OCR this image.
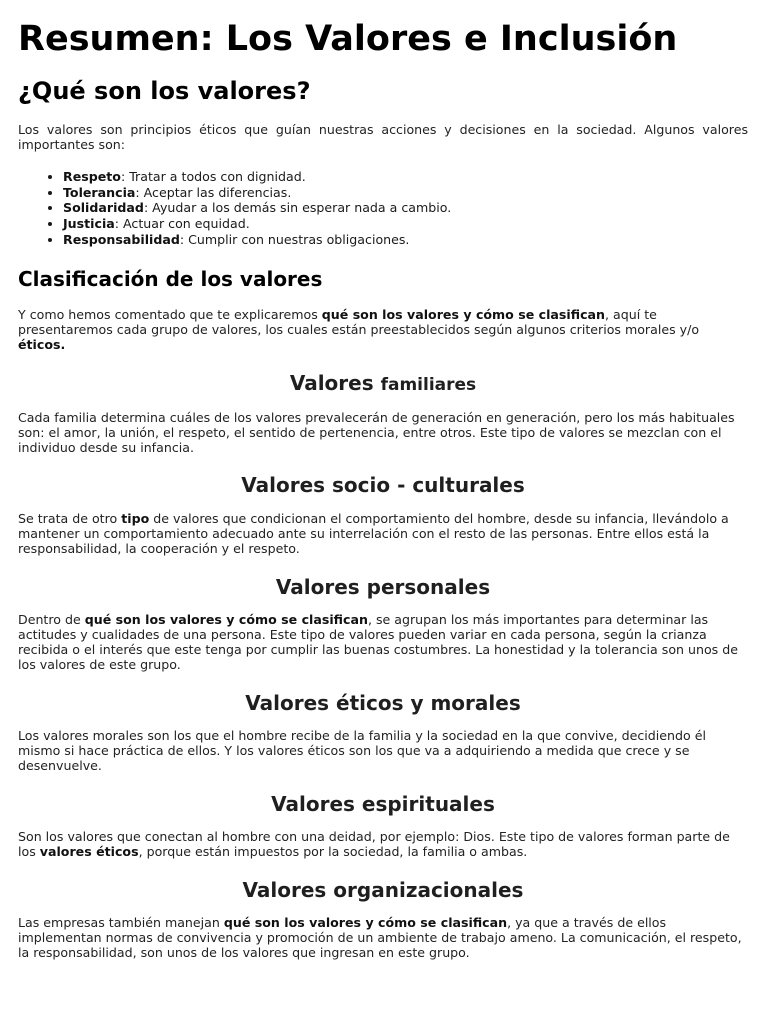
Resumen: Los Valores e Inclusión
¿Qué son los valores?

Los valores son principios éticos que guían nuestras acciones y decisiones en la sociedad. Algunos valores importantes son:

• Respeto: Tratar a todos con dignidad.
• Tolerancia: Aceptar las diferencias.
• Solidaridad: Ayudar a los demás sin esperar nada a cambio.
• Justicia: Actuar con equidad.
• Responsabilidad: Cumplir con nuestras obligaciones.
Clasificación de los valores

Y como hemos comentado que te explicaremos qué son los valores y cómo se clasifican, aquí te presentaremos cada grupo de valores, los cuales están preestablecidos según algunos criterios morales y/o éticos.

Valores familiares

Cada familia determina cuáles de los valores prevalecerán de generación en generación, pero los más habituales son: el amor, la unión, el respeto, el sentido de pertenencia, entre otros. Este tipo de valores se mezclan con el individuo desde su infancia.

Valores socio - culturales

Se trata de otro tipo de valores que condicionan el comportamiento del hombre, desde su infancia, llevándolo a mantener un comportamiento adecuado ante su interrelación con el resto de las personas. Entre ellos está la responsabilidad, la cooperación y el respeto.

Valores personales

Dentro de qué son los valores y cómo se clasifican, se agrupan los más importantes para determinar las actitudes y cualidades de una persona. Este tipo de valores pueden variar en cada persona, según la crianza recibida o el interés que este tenga por cumplir las buenas costumbres. La honestidad y la tolerancia son unos de los valores de este grupo.

Valores éticos y morales

Los valores morales son los que el hombre recibe de la familia y la sociedad en la que convive, decidiendo él mismo si hace práctica de ellos. Y los valores éticos son los que va a adquiriendo a medida que crece y se desenvuelve.

Valores espirituales

Son los valores que conectan al hombre con una deidad, por ejemplo: Dios. Este tipo de valores forman parte de los valores éticos, porque están impuestos por la sociedad, la familia o ambas.

Valores organizacionales

Las empresas también manejan qué son los valores y cómo se clasifican, ya que a través de ellos implementan normas de convivencia y promoción de un ambiente de trabajo ameno. La comunicación, el respeto, la responsabilidad, son unos de los valores que ingresan en este grupo.
